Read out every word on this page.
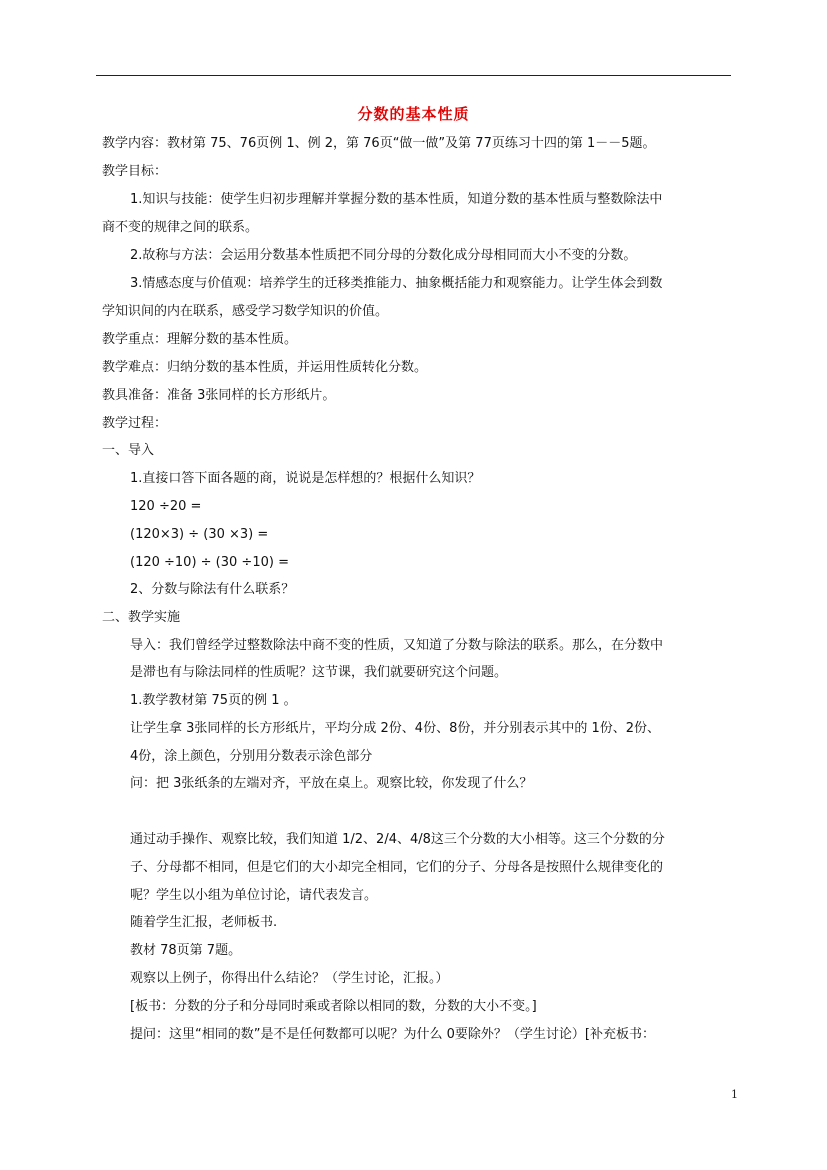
分数的基本性质
教学内容：教材第 75、76页例 1、例 2，第 76页“做一做”及第 77页练习十四的第 1－－5题。
教学目标：
1.知识与技能：使学生归初步理解并掌握分数的基本性质，知道分数的基本性质与整数除法中
商不变的规律之间的联系。
2.故称与方法：会运用分数基本性质把不同分母的分数化成分母相同而大小不变的分数。
3.情感态度与价值观：培养学生的迁移类推能力、抽象概括能力和观察能力。让学生体会到数
学知识间的内在联系，感受学习数学知识的价值。
教学重点：理解分数的基本性质。
教学难点：归纳分数的基本性质，并运用性质转化分数。
教具准备：准备 3张同样的长方形纸片。
教学过程：
一、导入
1.直接口答下面各题的商，说说是怎样想的？根据什么知识？
120 ÷20 =
(120×3) ÷ (30 ×3) =
(120 ÷10) ÷ (30 ÷10) =
2、分数与除法有什么联系？
二、教学实施
导入：我们曾经学过整数除法中商不变的性质，又知道了分数与除法的联系。那么，在分数中
是滞也有与除法同样的性质呢？这节课，我们就要研究这个问题。
1.教学教材第 75页的例 1 。
让学生拿 3张同样的长方形纸片，平均分成 2份、4份、8份，并分别表示其中的 1份、2份、
4份，涂上颜色，分别用分数表示涂色部分
问：把 3张纸条的左端对齐，平放在桌上。观察比较，你发现了什么？
通过动手操作、观察比较，我们知道 1/2、2/4、4/8这三个分数的大小相等。这三个分数的分
子、分母都不相同，但是它们的大小却完全相同，它们的分子、分母各是按照什么规律变化的
呢？学生以小组为单位讨论，请代表发言。
随着学生汇报，老师板书.
教材 78页第 7题。
观察以上例子，你得出什么结论？（学生讨论，汇报。）
[板书：分数的分子和分母同时乘或者除以相同的数，分数的大小不变。]
提问：这里“相同的数”是不是任何数都可以呢？为什么 0要除外？（学生讨论）[补充板书：
1
